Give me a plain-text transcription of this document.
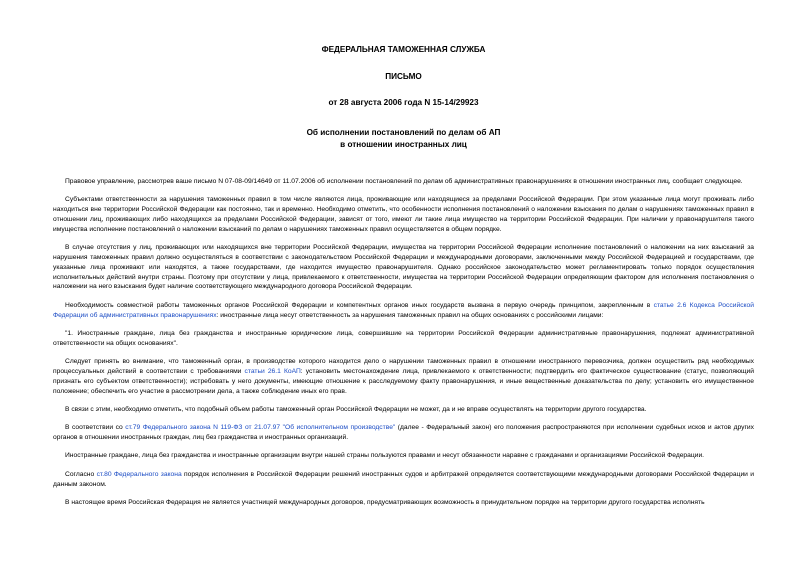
ФЕДЕРАЛЬНАЯ ТАМОЖЕННАЯ СЛУЖБА
ПИСЬМО
от 28 августа 2006 года N 15-14/29923
Об исполнении постановлений по делам об АП
в отношении иностранных лиц

Правовое управление, рассмотрев ваше письмо N 07-08-09/14649 от 11.07.2006 об исполнении постановлений по делам об административных правонарушениях в отношении иностранных лиц, сообщает следующее.

Субъектами ответственности за нарушения таможенных правил в том числе являются лица, проживающие или находящиеся за пределами Российской Федерации. При этом указанные лица могут проживать либо находиться вне территории Российской Федерации как постоянно, так и временно. Необходимо отметить, что особенности исполнения постановлений о наложении взыскания по делам о нарушениях таможенных правил в отношении лиц, проживающих либо находящихся за пределами Российской Федерации, зависят от того, имеют ли такие лица имущество на территории Российской Федерации. При наличии у правонарушителя такого имущества исполнение постановлений о наложении взысканий по делам о нарушениях таможенных правил осуществляется в общем порядке.

В случае отсутствия у лиц, проживающих или находящихся вне территории Российской Федерации, имущества на территории Российской Федерации исполнение постановлений о наложении на них взысканий за нарушения таможенных правил должно осуществляться в соответствии с законодательством Российской Федерации и международными договорами, заключенными между Российской Федерацией и государствами, где указанные лица проживают или находятся, а также государствами, где находится имущество правонарушителя. Однако российское законодательство может регламентировать только порядок осуществления исполнительных действий внутри страны. Поэтому при отсутствии у лица, привлекаемого к ответственности, имущества на территории Российской Федерации определяющим фактором для исполнения постановления о наложении на него взыскания будет наличие соответствующего международного договора Российской Федерации.

Необходимость совместной работы таможенных органов Российской Федерации и компетентных органов иных государств вызвана в первую очередь принципом, закрепленным в статье 2.6 Кодекса Российской Федерации об административных правонарушениях: иностранные лица несут ответственность за нарушения таможенных правил на общих основаниях с российскими лицами:

"1. Иностранные граждане, лица без гражданства и иностранные юридические лица, совершившие на территории Российской Федерации административные правонарушения, подлежат административной ответственности на общих основаниях".

Следует принять во внимание, что таможенный орган, в производстве которого находится дело о нарушении таможенных правил в отношении иностранного перевозчика, должен осуществить ряд необходимых процессуальных действий в соответствии с требованиями статьи 26.1 КоАП: установить местонахождение лица, привлекаемого к ответственности; подтвердить его фактическое существование (статус, позволяющий признать его субъектом ответственности); истребовать у него документы, имеющие отношение к расследуемому факту правонарушения, и иные вещественные доказательства по делу; установить его имущественное положение; обеспечить его участие в рассмотрении дела, а также соблюдение иных его прав.

В связи с этим, необходимо отметить, что подобный объем работы таможенный орган Российской Федерации не может, да и не вправе осуществлять на территории другого государства.

В соответствии со ст.79 Федерального закона N 119-ФЗ от 21.07.97 "Об исполнительном производстве" (далее - Федеральный закон) его положения распространяются при исполнении судебных исков и актов других органов в отношении иностранных граждан, лиц без гражданства и иностранных организаций.

Иностранные граждане, лица без гражданства и иностранные организации внутри нашей страны пользуются правами и несут обязанности наравне с гражданами и организациями Российской Федерации.

Согласно ст.80 Федерального закона порядок исполнения в Российской Федерации решений иностранных судов и арбитражей определяется соответствующими международными договорами Российской Федерации и данным законом.

В настоящее время Российская Федерация не является участницей международных договоров, предусматривающих возможность в принудительном порядке на территории другого государства исполнять
